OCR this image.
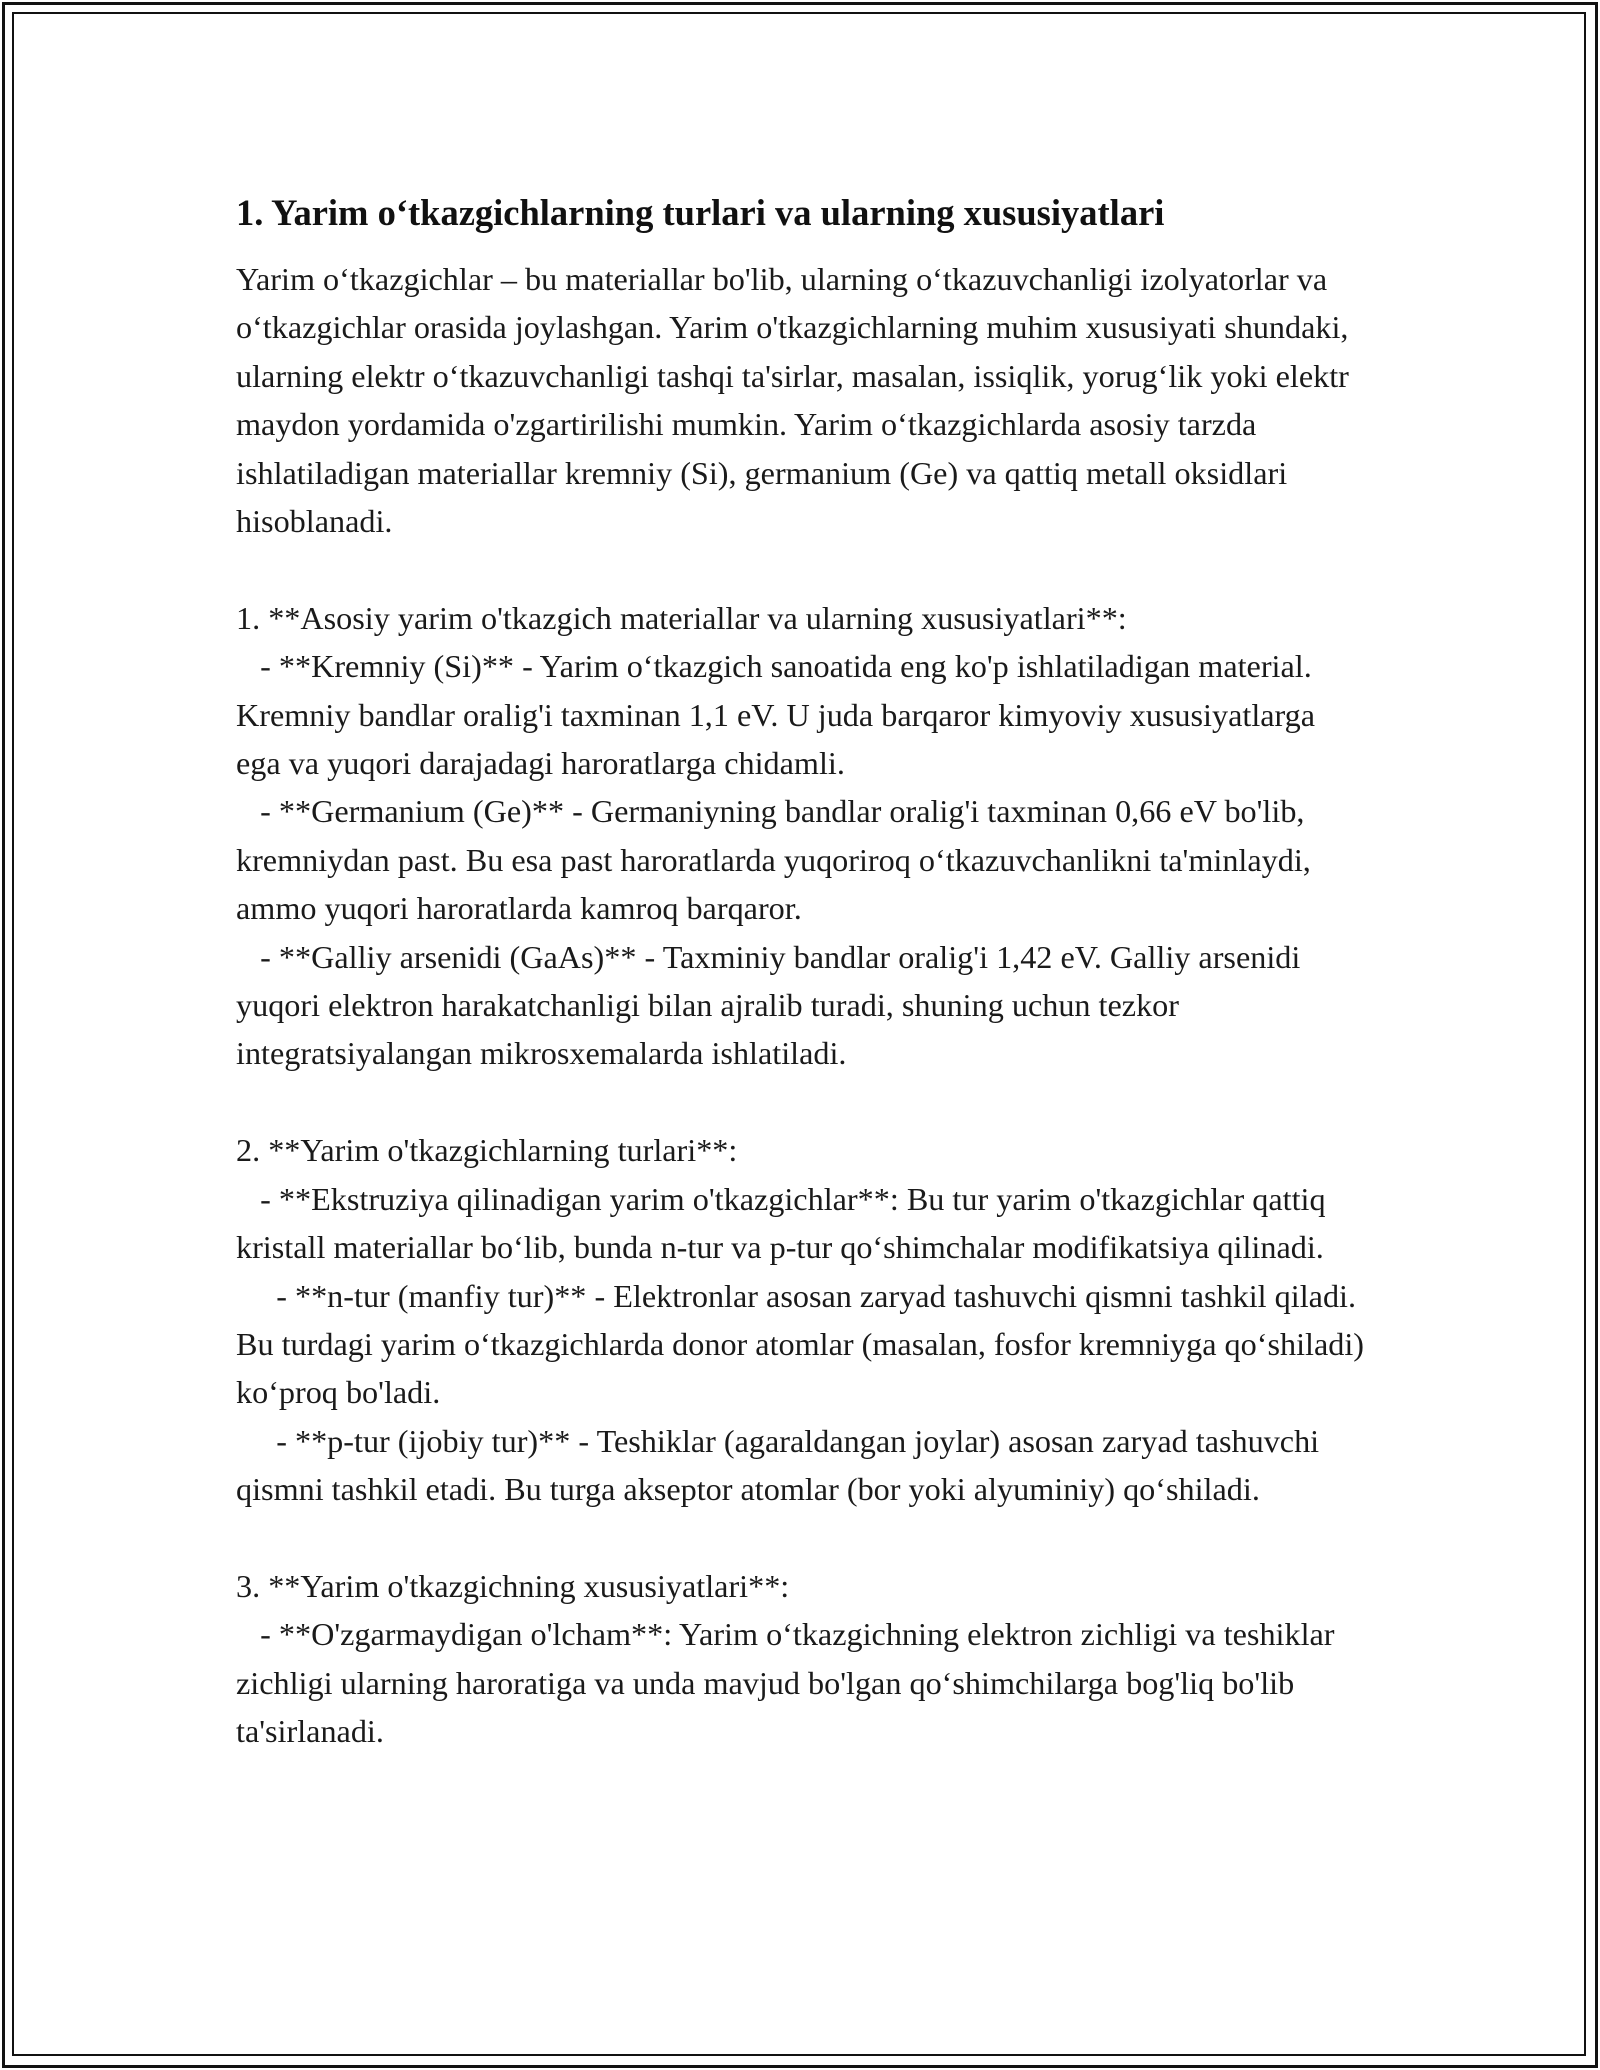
1. Yarim o‘tkazgichlarning turlari va ularning xususiyatlari

Yarim o‘tkazgichlar – bu materiallar bo'lib, ularning o‘tkazuvchanligi izolyatorlar va o‘tkazgichlar orasida joylashgan. Yarim o'tkazgichlarning muhim xususiyati shundaki, ularning elektr o‘tkazuvchanligi tashqi ta'sirlar, masalan, issiqlik, yorug‘lik yoki elektr maydon yordamida o'zgartirilishi mumkin. Yarim o‘tkazgichlarda asosiy tarzda ishlatiladigan materiallar kremniy (Si), germanium (Ge) va qattiq metall oksidlari hisoblanadi.

1. **Asosiy yarim o'tkazgich materiallar va ularning xususiyatlari**:

- **Kremniy (Si)** - Yarim o‘tkazgich sanoatida eng ko'p ishlatiladigan material. Kremniy bandlar oralig'i taxminan 1,1 eV. U juda barqaror kimyoviy xususiyatlarga ega va yuqori darajadagi haroratlarga chidamli.

- **Germanium (Ge)** - Germaniyning bandlar oralig'i taxminan 0,66 eV bo'lib, kremniydan past. Bu esa past haroratlarda yuqoriroq o‘tkazuvchanlikni ta'minlaydi, ammo yuqori haroratlarda kamroq barqaror.

- **Galliy arsenidi (GaAs)** - Taxminiy bandlar oralig'i 1,42 eV. Galliy arsenidi yuqori elektron harakatchanligi bilan ajralib turadi, shuning uchun tezkor integratsiyalangan mikrosxemalarda ishlatiladi.

2. **Yarim o'tkazgichlarning turlari**:

- **Ekstruziya qilinadigan yarim o'tkazgichlar**: Bu tur yarim o'tkazgichlar qattiq kristall materiallar bo‘lib, bunda n-tur va p-tur qo‘shimchalar modifikatsiya qilinadi.

- **n-tur (manfiy tur)** - Elektronlar asosan zaryad tashuvchi qismni tashkil qiladi. Bu turdagi yarim o‘tkazgichlarda donor atomlar (masalan, fosfor kremniyga qo‘shiladi) ko‘proq bo'ladi.

- **p-tur (ijobiy tur)** - Teshiklar (agaraldangan joylar) asosan zaryad tashuvchi qismni tashkil etadi. Bu turga akseptor atomlar (bor yoki alyuminiy) qo‘shiladi.

3. **Yarim o'tkazgichning xususiyatlari**:

- **O'zgarmaydigan o'lcham**: Yarim o‘tkazgichning elektron zichligi va teshiklar zichligi ularning haroratiga va unda mavjud bo'lgan qo‘shimchilarga bog'liq bo'lib ta'sirlanadi.
